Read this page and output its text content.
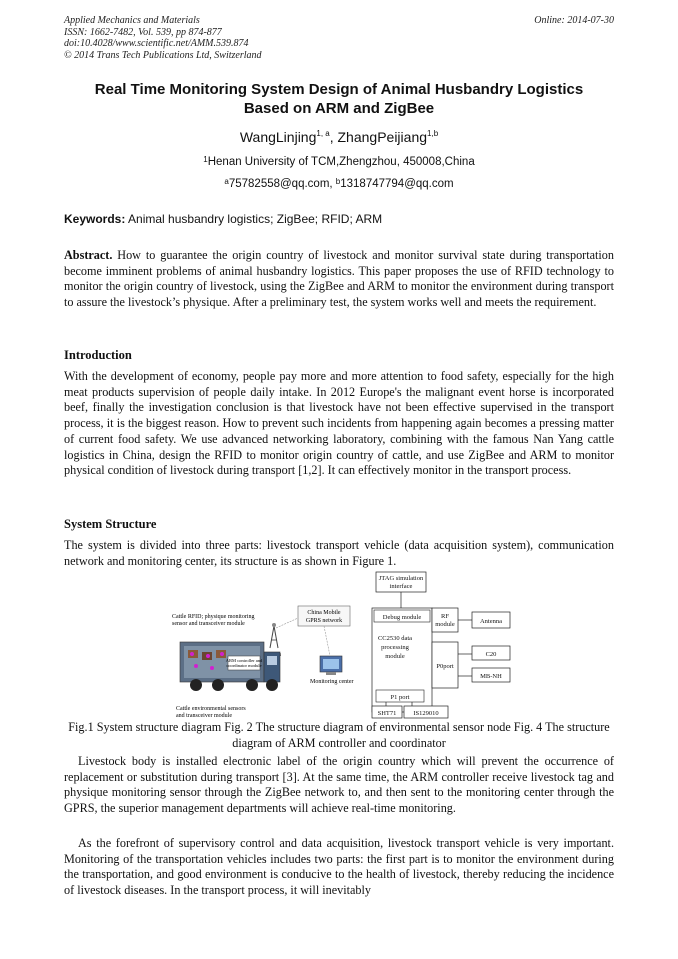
Applied Mechanics and Materials
ISSN: 1662-7482, Vol. 539, pp 874-877
doi:10.4028/www.scientific.net/AMM.539.874
© 2014 Trans Tech Publications Ltd, Switzerland
Online: 2014-07-30
Real Time Monitoring System Design of Animal Husbandry Logistics
Based on ARM and ZigBee
WangLinjing$^{1, a}$, ZhangPeijiang$^{1,b}$
$^1$Henan University of TCM,Zhengzhou, 450008,China
$^a$75782558@qq.com, $^b$1318747794@qq.com
Keywords: Animal husbandry logistics; ZigBee; RFID; ARM
Abstract. How to guarantee the origin country of livestock and monitor survival state during transportation become imminent problems of animal husbandry logistics. This paper proposes the use of RFID technology to monitor the origin country of livestock, using the ZigBee and ARM to monitor the environment during transport to assure the livestock’s physique. After a preliminary test, the system works well and meets the requirement.
Introduction
With the development of economy, people pay more and more attention to food safety, especially for the high meat products supervision of people daily intake. In 2012 Europe's the malignant event horse is incorporated beef, finally the investigation conclusion is that livestock have not been effective supervised in the transport process, it is the biggest reason. How to prevent such incidents from happening again becomes a pressing matter of current food safety. We use advanced networking laboratory, combining with the famous Nan Yang cattle logistics in China, design the RFID to monitor origin country of cattle, and use ZigBee and ARM to monitor physical condition of livestock during transport [1,2]. It can effectively monitor in the transport process.
System Structure
The system is divided into three parts: livestock transport vehicle (data acquisition system), communication network and monitoring center, its structure is as shown in Figure 1.
Cattle RFID; physique monitoring
sensor and transceiver module
China Mobile
GPRS network
ARM controller and
coordinator module
Monitoring center
Cattle environmental sensors
and transceiver module
JTAG simulation
interface
Debug module
CC2530 data
processing
module
RF
module	Antenna
P0port
C20
MB-NH
P1 port
SHT71	IS129010
Fig.1 System structure diagram Fig. 2 The structure diagram of environmental sensor node Fig. 4 The structure diagram of ARM controller and coordinator
Livestock body is installed electronic label of the origin country which will prevent the occurrence of replacement or substitution during transport [3]. At the same time, the ARM controller receive livestock tag and physique monitoring sensor through the ZigBee network to, and then sent to the monitoring center through the GPRS, the superior management departments will achieve real-time monitoring.
As the forefront of supervisory control and data acquisition, livestock transport vehicle is very important. Monitoring of the transportation vehicles includes two parts: the first part is to monitor the environment during the transportation, and good environment is conducive to the health of livestock, thereby reducing the incidence of livestock diseases. In the transport process, it will inevitably
